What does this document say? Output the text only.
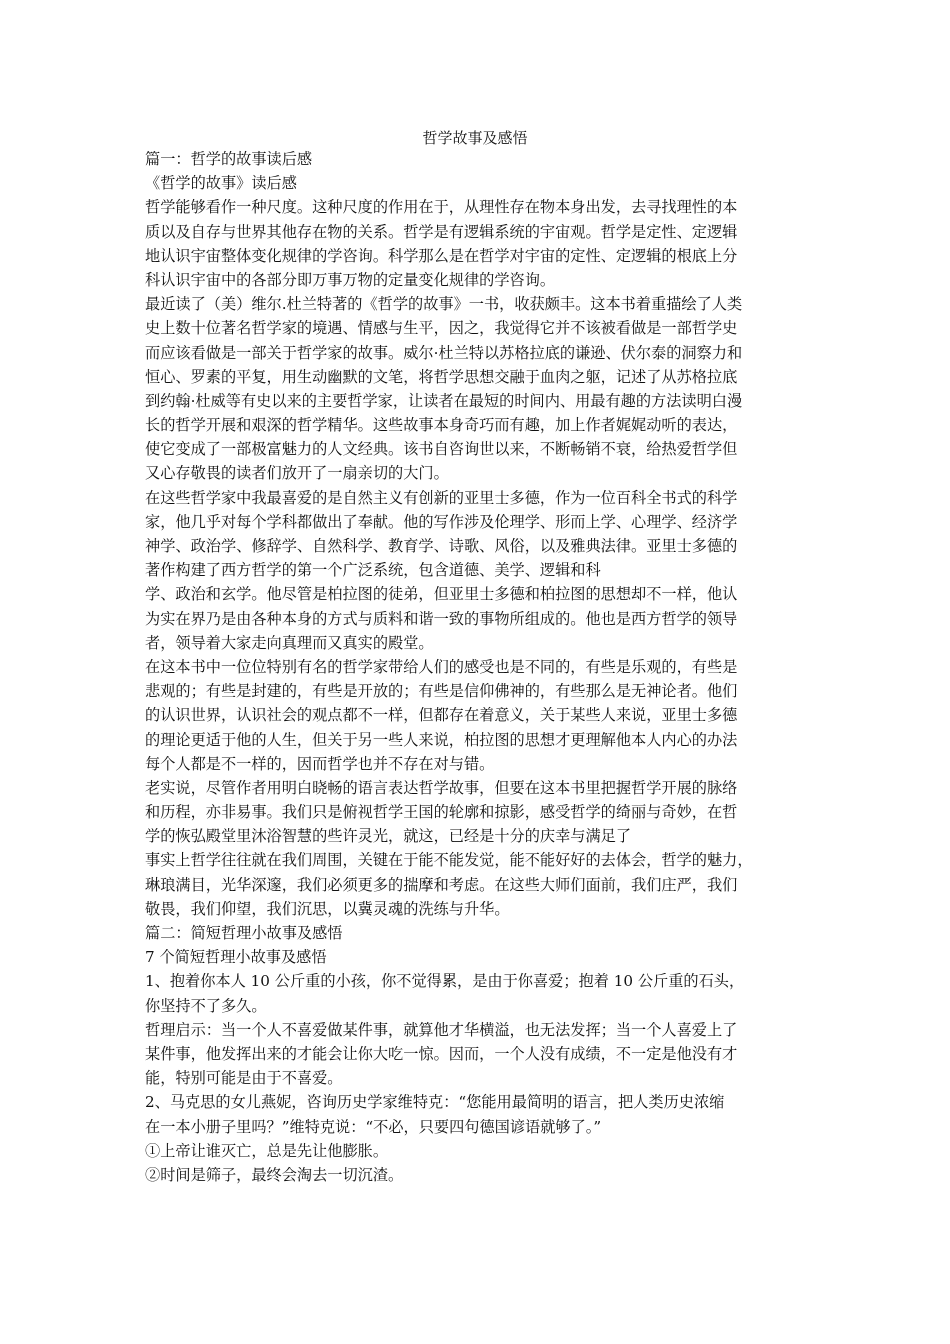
哲学故事及感悟
篇一：哲学的故事读后感
《哲学的故事》读后感
哲学能够看作一种尺度。这种尺度的作用在于，从理性存在物本身出发，去寻找理性的本
质以及自存与世界其他存在物的关系。哲学是有逻辑系统的宇宙观。哲学是定性、定逻辑
地认识宇宙整体变化规律的学咨询。科学那么是在哲学对宇宙的定性、定逻辑的根底上分
科认识宇宙中的各部分即万事万物的定量变化规律的学咨询。
最近读了（美）维尔.杜兰特著的《哲学的故事》一书，收获颇丰。这本书着重描绘了人类
史上数十位著名哲学家的境遇、情感与生平，因之，我觉得它并不该被看做是一部哲学史
而应该看做是一部关于哲学家的故事。威尔·杜兰特以苏格拉底的谦逊、伏尔泰的洞察力和
恒心、罗素的平复，用生动幽默的文笔，将哲学思想交融于血肉之躯，记述了从苏格拉底
到约翰·杜威等有史以来的主要哲学家，让读者在最短的时间内、用最有趣的方法读明白漫
长的哲学开展和艰深的哲学精华。这些故事本身奇巧而有趣，加上作者娓娓动听的表达，
使它变成了一部极富魅力的人文经典。该书自咨询世以来，不断畅销不衰，给热爱哲学但
又心存敬畏的读者们放开了一扇亲切的大门。
在这些哲学家中我最喜爱的是自然主义有创新的亚里士多德，作为一位百科全书式的科学
家，他几乎对每个学科都做出了奉献。他的写作涉及伦理学、形而上学、心理学、经济学
神学、政治学、修辞学、自然科学、教育学、诗歌、风俗，以及雅典法律。亚里士多德的
著作构建了西方哲学的第一个广泛系统，包含道德、美学、逻辑和科
学、政治和玄学。他尽管是柏拉图的徒弟，但亚里士多德和柏拉图的思想却不一样，他认
为实在界乃是由各种本身的方式与质料和谐一致的事物所组成的。他也是西方哲学的领导
者，领导着大家走向真理而又真实的殿堂。
在这本书中一位位特别有名的哲学家带给人们的感受也是不同的，有些是乐观的，有些是
悲观的；有些是封建的，有些是开放的；有些是信仰佛神的，有些那么是无神论者。他们
的认识世界，认识社会的观点都不一样，但都存在着意义，关于某些人来说，亚里士多德
的理论更适于他的人生，但关于另一些人来说，柏拉图的思想才更理解他本人内心的办法
每个人都是不一样的，因而哲学也并不存在对与错。
老实说，尽管作者用明白晓畅的语言表达哲学故事，但要在这本书里把握哲学开展的脉络
和历程，亦非易事。我们只是俯视哲学王国的轮廓和掠影，感受哲学的绮丽与奇妙，在哲
学的恢弘殿堂里沐浴智慧的些许灵光，就这，已经是十分的庆幸与满足了
事实上哲学往往就在我们周围，关键在于能不能发觉，能不能好好的去体会，哲学的魅力，
琳琅满目，光华深邃，我们必须更多的揣摩和考虑。在这些大师们面前，我们庄严，我们
敬畏，我们仰望，我们沉思，以冀灵魂的洗练与升华。
篇二：简短哲理小故事及感悟
7 个简短哲理小故事及感悟
1、抱着你本人 10 公斤重的小孩，你不觉得累，是由于你喜爱；抱着 10 公斤重的石头，
你坚持不了多久。
哲理启示：当一个人不喜爱做某件事，就算他才华横溢，也无法发挥；当一个人喜爱上了
某件事，他发挥出来的才能会让你大吃一惊。因而，一个人没有成绩，不一定是他没有才
能，特别可能是由于不喜爱。
2、马克思的女儿燕妮，咨询历史学家维特克：“您能用最简明的语言，把人类历史浓缩
在一本小册子里吗？”维特克说：“不必，只要四句德国谚语就够了。”
①上帝让谁灭亡，总是先让他膨胀。
②时间是筛子，最终会淘去一切沉渣。
